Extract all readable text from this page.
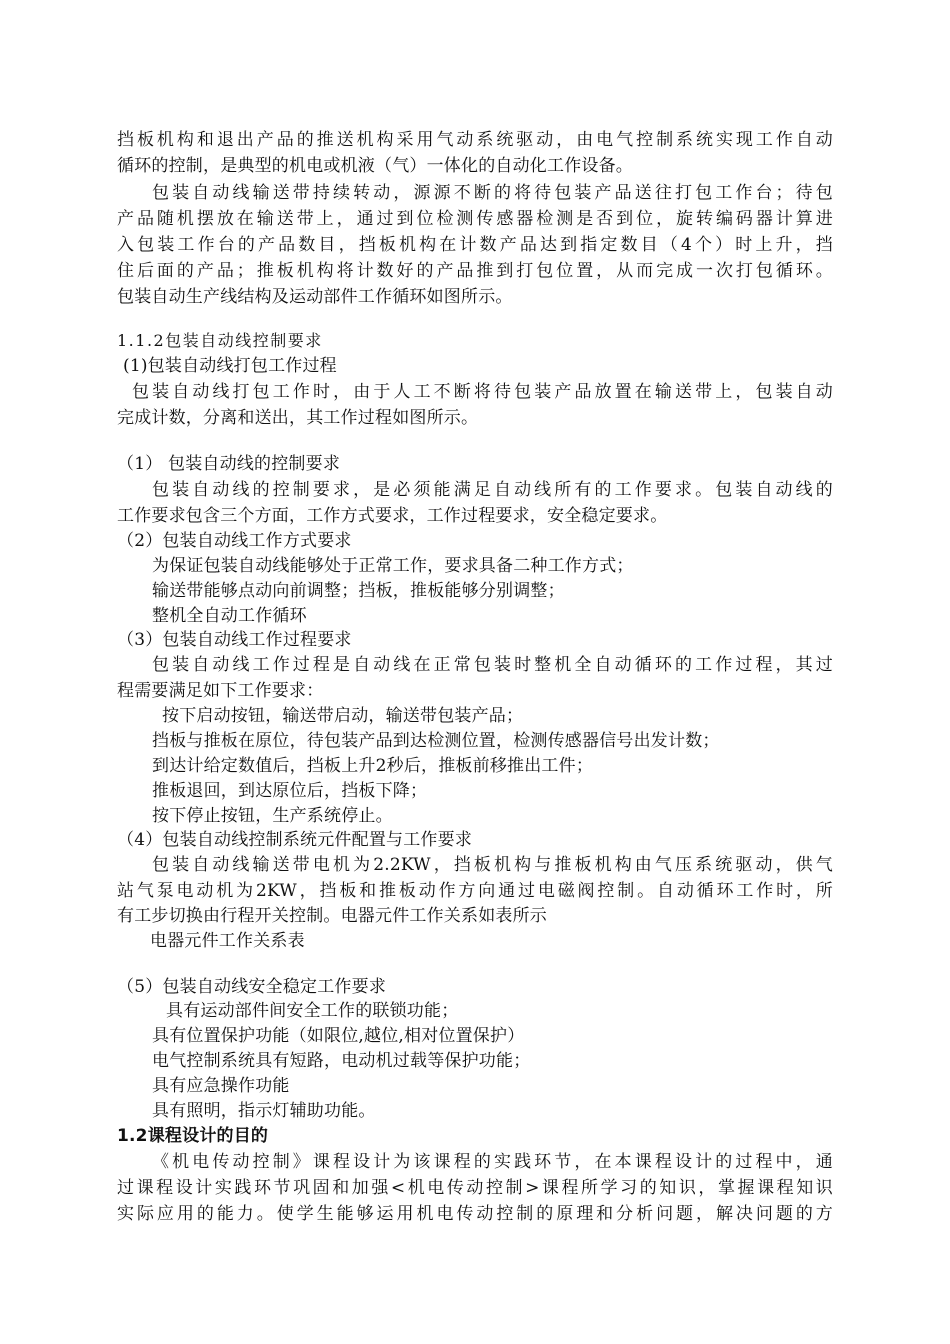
挡板机构和退出产品的推送机构采用气动系统驱动，由电气控制系统实现工作自动
循环的控制，是典型的机电或机液（气）一体化的自动化工作设备。
包装自动线输送带持续转动，源源不断的将待包装产品送往打包工作台；待包
产品随机摆放在输送带上，通过到位检测传感器检测是否到位，旋转编码器计算进
入包装工作台的产品数目，挡板机构在计数产品达到指定数目（4个）时上升，挡
住后面的产品；推板机构将计数好的产品推到打包位置，从而完成一次打包循环。
包装自动生产线结构及运动部件工作循环如图所示。
1.1.2包装自动线控制要求
(1)包装自动线打包工作过程
包装自动线打包工作时，由于人工不断将待包装产品放置在输送带上，包装自动
完成计数，分离和送出，其工作过程如图所示。
（1） 包装自动线的控制要求
包装自动线的控制要求，是必须能满足自动线所有的工作要求。包装自动线的
工作要求包含三个方面，工作方式要求，工作过程要求，安全稳定要求。
（2）包装自动线工作方式要求
为保证包装自动线能够处于正常工作，要求具备二种工作方式；
输送带能够点动向前调整；挡板，推板能够分别调整；
整机全自动工作循环
（3）包装自动线工作过程要求
包装自动线工作过程是自动线在正常包装时整机全自动循环的工作过程，其过
程需要满足如下工作要求：
按下启动按钮，输送带启动，输送带包装产品；
挡板与推板在原位，待包装产品到达检测位置，检测传感器信号出发计数；
到达计给定数值后，挡板上升2秒后，推板前移推出工件；
推板退回，到达原位后，挡板下降；
按下停止按钮，生产系统停止。
（4）包装自动线控制系统元件配置与工作要求
包装自动线输送带电机为2.2KW，挡板机构与推板机构由气压系统驱动，供气
站气泵电动机为2KW，挡板和推板动作方向通过电磁阀控制。自动循环工作时，所
有工步切换由行程开关控制。电器元件工作关系如表所示
电器元件工作关系表
（5）包装自动线安全稳定工作要求
具有运动部件间安全工作的联锁功能；
具有位置保护功能（如限位,越位,相对位置保护）
电气控制系统具有短路，电动机过载等保护功能；
具有应急操作功能
具有照明，指示灯辅助功能。
1.2课程设计的目的
《机电传动控制》课程设计为该课程的实践环节，在本课程设计的过程中，通
过课程设计实践环节巩固和加强<机电传动控制>课程所学习的知识，掌握课程知识
实际应用的能力。使学生能够运用机电传动控制的原理和分析问题，解决问题的方
